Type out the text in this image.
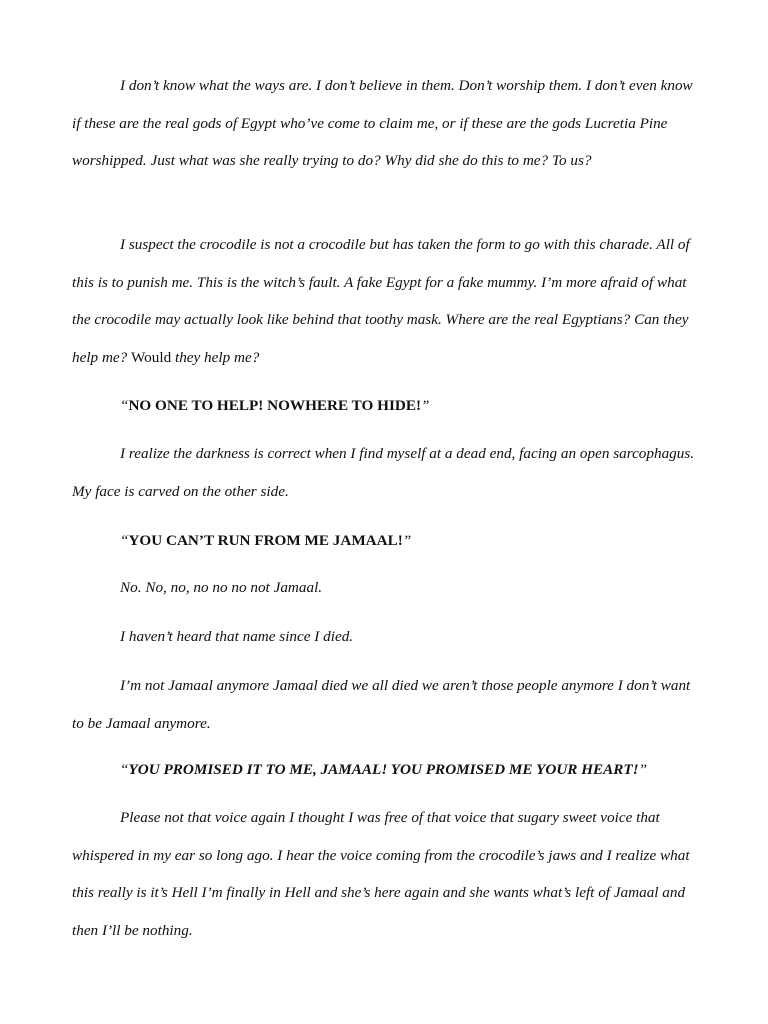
I don’t know what the ways are. I don’t believe in them. Don’t worship them. I don’t even know if these are the real gods of Egypt who’ve come to claim me, or if these are the gods Lucretia Pine worshipped. Just what was she really trying to do? Why did she do this to me? To us?

I suspect the crocodile is not a crocodile but has taken the form to go with this charade. All of this is to punish me. This is the witch’s fault. A fake Egypt for a fake mummy. I’m more afraid of what the crocodile may actually look like behind that toothy mask. Where are the real Egyptians? Can they help me? Would they help me?

“NO ONE TO HELP! NOWHERE TO HIDE!”

I realize the darkness is correct when I find myself at a dead end, facing an open sarcophagus. My face is carved on the other side.

“YOU CAN’T RUN FROM ME JAMAAL!”

No. No, no, no no no not Jamaal.

I haven’t heard that name since I died.

I’m not Jamaal anymore Jamaal died we all died we aren’t those people anymore I don’t want to be Jamaal anymore.

“YOU PROMISED IT TO ME, JAMAAL! YOU PROMISED ME YOUR HEART!”

Please not that voice again I thought I was free of that voice that sugary sweet voice that whispered in my ear so long ago. I hear the voice coming from the crocodile’s jaws and I realize what this really is it’s Hell I’m finally in Hell and she’s here again and she wants what’s left of Jamaal and then I’ll be nothing.
